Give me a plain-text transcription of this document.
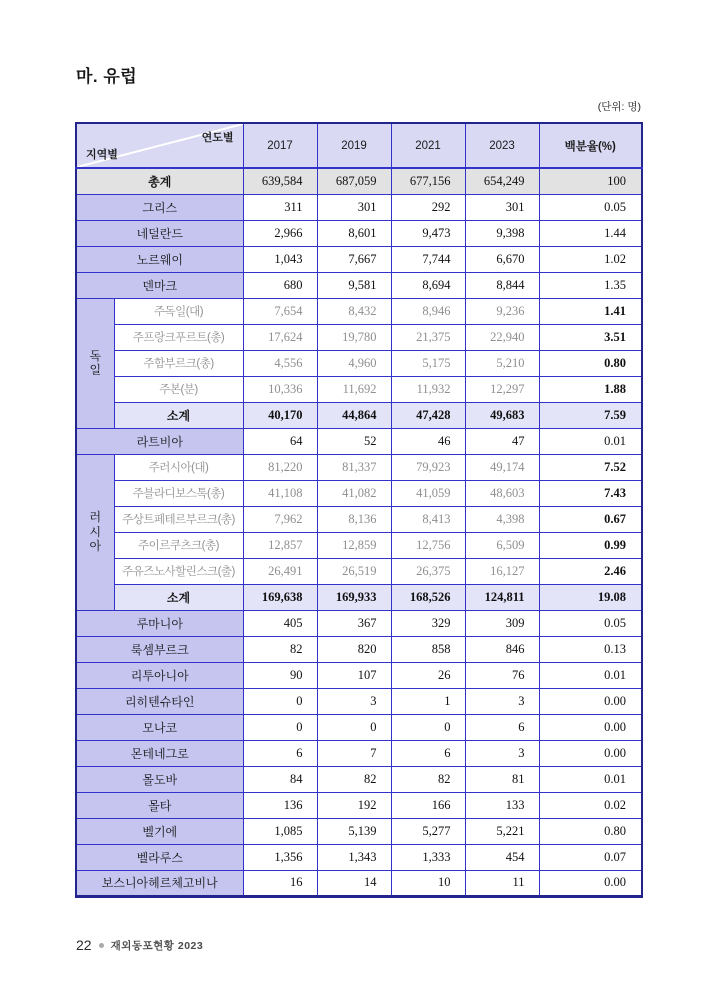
마. 유럽
(단위: 명)
연도별
지역별		2017	2019	2021	2023	백분율(%)
총계		639,584	687,059	677,156	654,249	100
그리스		311	301	292	301	0.05
네덜란드		2,966	8,601	9,473	9,398	1.44
노르웨이		1,043	7,667	7,744	6,670	1.02
덴마크		680	9,581	8,694	8,844	1.35

독
일	주독일(대)	7,654	8,432	8,946	9,236	1.41
	주프랑크푸르트(총)	17,624	19,780	21,375	22,940	3.51
	주함부르크(총)	4,556	4,960	5,175	5,210	0.80
	주본(분)	10,336	11,692	11,932	12,297	1.88
	소계	40,170	44,864	47,428	49,683	7.59
라트비아		64	52	46	47	0.01

러
시
아	주러시아(대)	81,220	81,337	79,923	49,174	7.52
	주블라디보스톡(총)	41,108	41,082	41,059	48,603	7.43
	주상트페테르부르크(총)	7,962	8,136	8,413	4,398	0.67
	주이르쿠츠크(총)	12,857	12,859	12,756	6,509	0.99
	주유즈노사할린스크(출)	26,491	26,519	26,375	16,127	2.46
	소계	169,638	169,933	168,526	124,811	19.08
루마니아		405	367	329	309	0.05
룩셈부르크		82	820	858	846	0.13
리투아니아		90	107	26	76	0.01
리히텐슈타인		0	3	1	3	0.00
모나코		0	0	0	6	0.00
몬테네그로		6	7	6	3	0.00
몰도바		84	82	82	81	0.01
몰타		136	192	166	133	0.02
벨기에		1,085	5,139	5,277	5,221	0.80
벨라루스		1,356	1,343	1,333	454	0.07
보스니아헤르체고비나		16	14	10	11	0.00
22 재외동포현황 2023
